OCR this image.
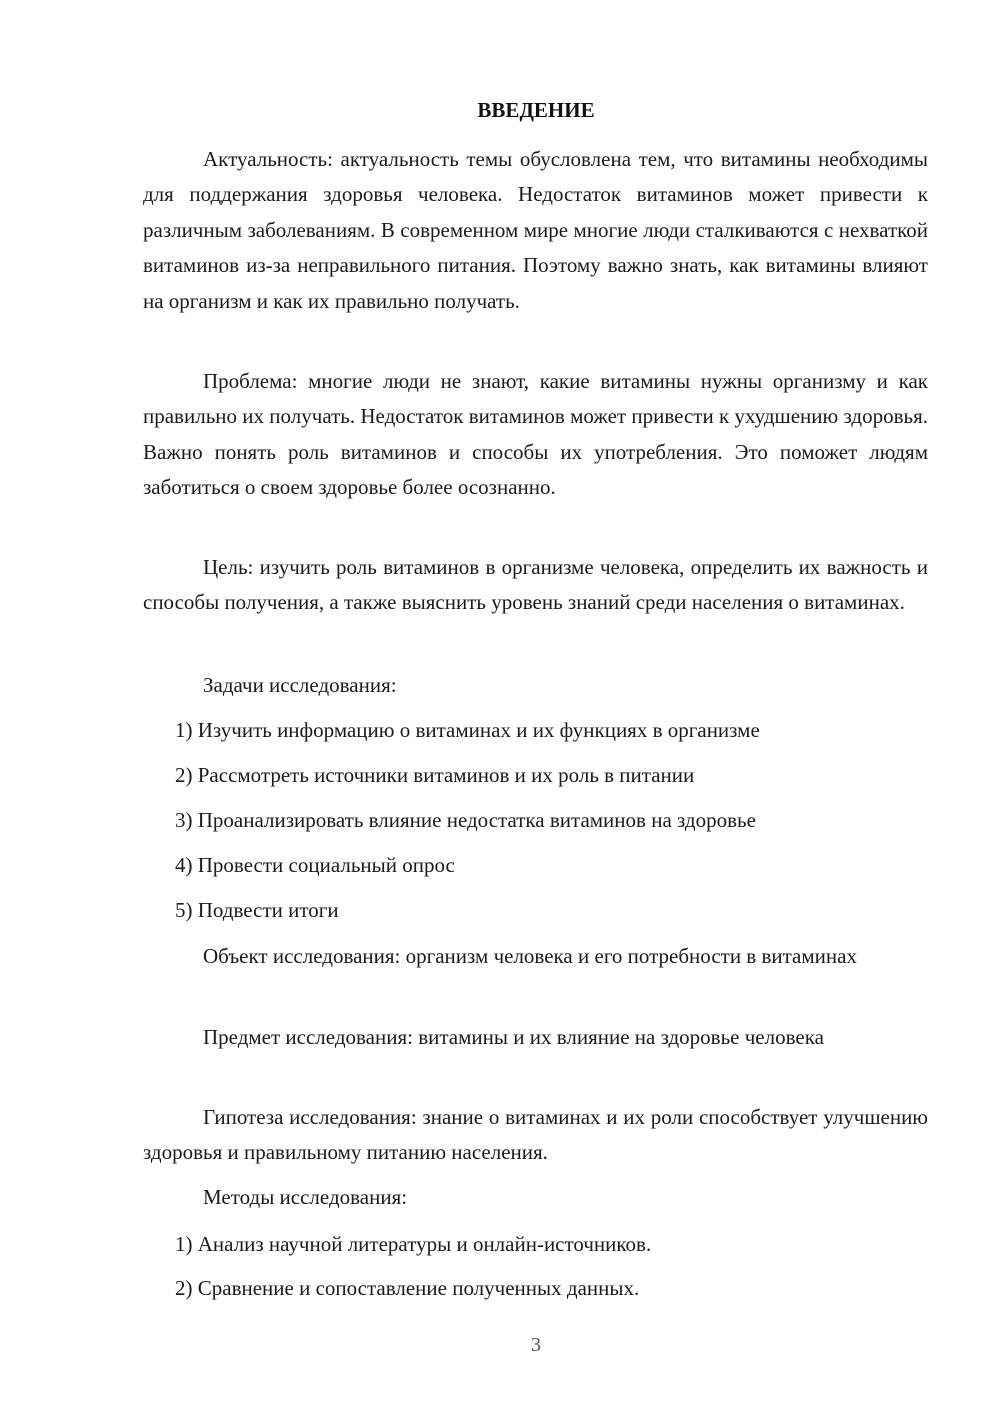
ВВЕДЕНИЕ

Актуальность: актуальность темы обусловлена тем, что витамины необходимы для поддержания здоровья человека. Недостаток витаминов может привести к различным заболеваниям. В современном мире многие люди сталкиваются с нехваткой витаминов из-за неправильного питания. Поэтому важно знать, как витамины влияют на организм и как их правильно получать.

Проблема: многие люди не знают, какие витамины нужны организму и как правильно их получать. Недостаток витаминов может привести к ухудшению здоровья. Важно понять роль витаминов и способы их употребления. Это поможет людям заботиться о своем здоровье более осознанно.

Цель: изучить роль витаминов в организме человека, определить их важность и способы получения, а также выяснить уровень знаний среди населения о витаминах.

Задачи исследования:

1) Изучить информацию о витаминах и их функциях в организме

2) Рассмотреть источники витаминов и их роль в питании

3) Проанализировать влияние недостатка витаминов на здоровье

4) Провести социальный опрос

5) Подвести итоги

Объект исследования: организм человека и его потребности в витаминах

Предмет исследования: витамины и их влияние на здоровье человека

Гипотеза исследования: знание о витаминах и их роли способствует улучшению здоровья и правильному питанию населения.

Методы исследования:

1) Анализ научной литературы и онлайн-источников.

2) Сравнение и сопоставление полученных данных.

3
